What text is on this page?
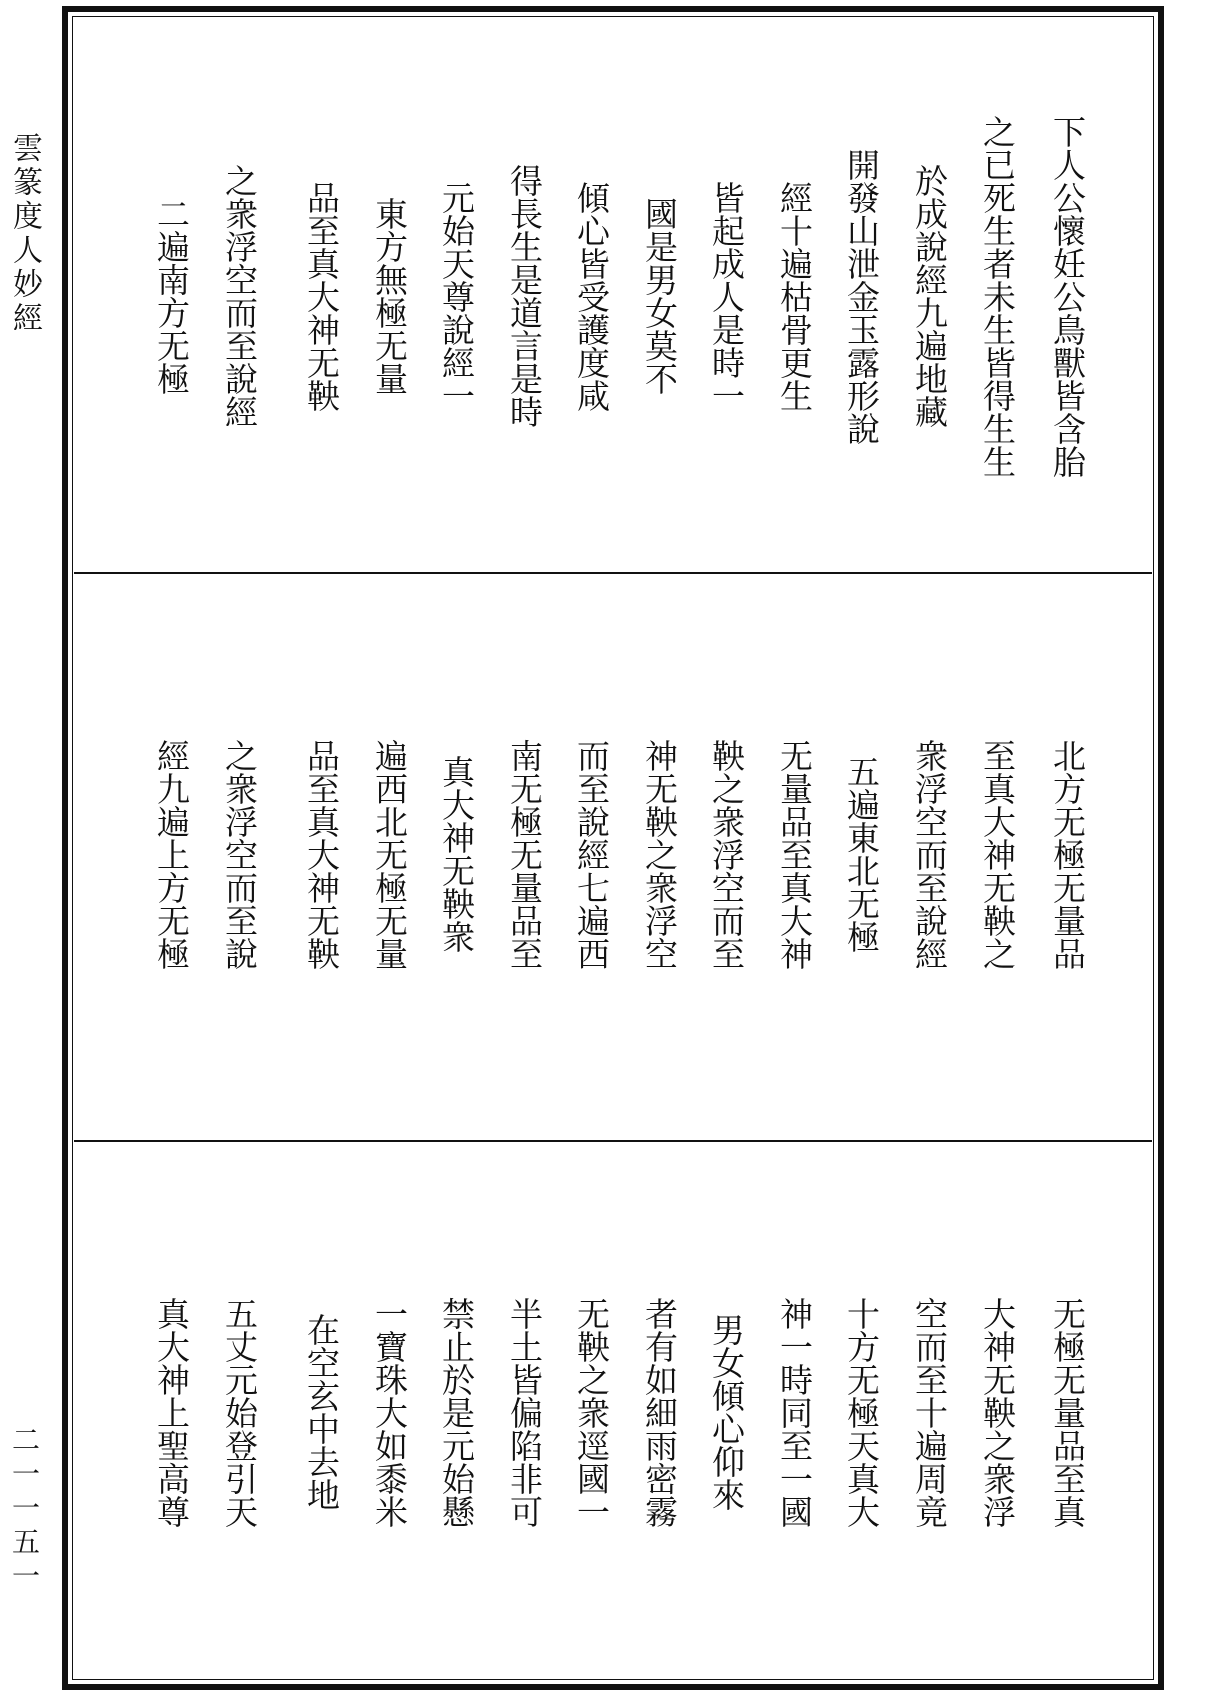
雲篆度人妙經
二一一五一
下人公懷妊公鳥獸皆含胎
之已死生者未生皆得生生
於成說經九遍地藏
開發山泄金玉露形說
經十遍枯骨更生
皆起成人是時一
國是男女莫不
傾心皆受護度咸
得長生是道言是時
元始天尊說經一
東方無極无量
品至真大神无鞅
之衆浮空而至說經
二遍南方无極
北方无極无量品
至真大神无鞅之
衆浮空而至說經
五遍東北无極
无量品至真大神
鞅之衆浮空而至
神无鞅之衆浮空
而至說經七遍西
南无極无量品至
真大神无鞅衆
遍西北无極无量
品至真大神无鞅
之衆浮空而至說
經九遍上方无極
无極无量品至真
大神无鞅之衆浮
空而至十遍周竟
十方无極天真大
神一時同至一國
男女傾心仰來
者有如細雨密霧
无鞅之衆逕國一
半土皆偏陷非可
禁止於是元始懸
一寶珠大如黍米
在空玄中去地
五丈元始登引天
真大神上聖高尊
